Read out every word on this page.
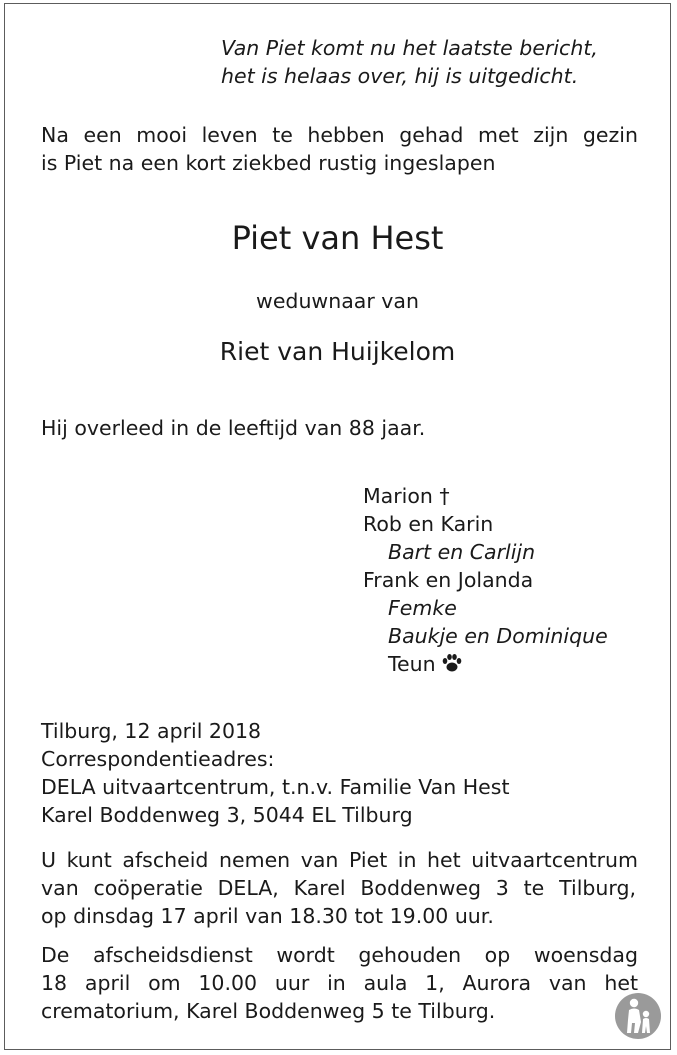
Van Piet komt nu het laatste bericht,
het is helaas over, hij is uitgedicht.
Na een mooi leven te hebben gehad met zijn gezin
is Piet na een kort ziekbed rustig ingeslapen
Piet van Hest
weduwnaar van
Riet van Huijkelom
Hij overleed in de leeftijd van 88 jaar.
Marion †
Rob en Karin
Bart en Carlijn
Frank en Jolanda
Femke
Baukje en Dominique
Teun
Tilburg, 12 april 2018
Correspondentieadres:
DELA uitvaartcentrum, t.n.v. Familie Van Hest
Karel Boddenweg 3, 5044 EL Tilburg
U kunt afscheid nemen van Piet in het uitvaartcentrum
van coöperatie DELA, Karel Boddenweg 3 te Tilburg,
op dinsdag 17 april van 18.30 tot 19.00 uur.
De afscheidsdienst wordt gehouden op woensdag
18 april om 10.00 uur in aula 1, Aurora van het
crematorium, Karel Boddenweg 5 te Tilburg.
